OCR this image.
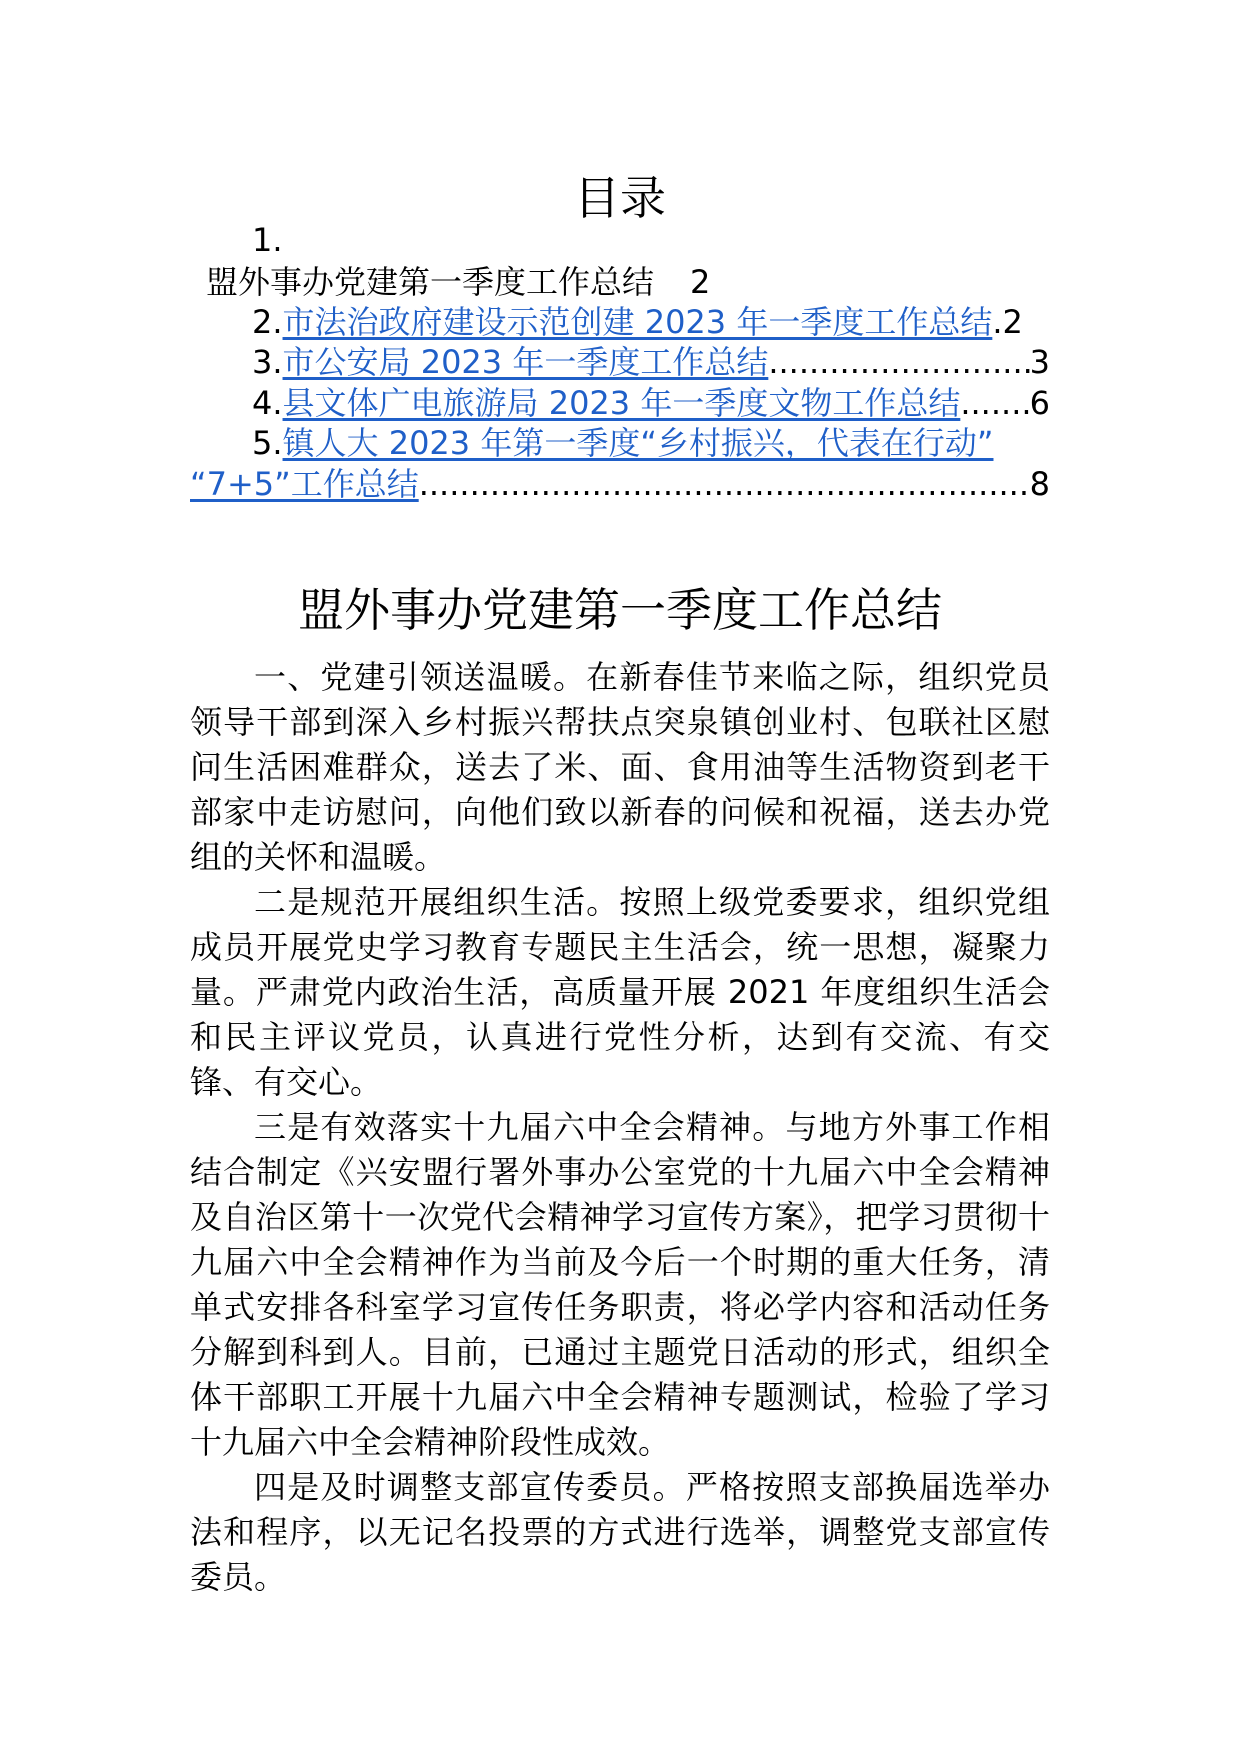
目录
1.
盟外事办党建第一季度工作总结 2
2.市法治政府建设示范创建 2023 年一季度工作总结.2
3. 市公安局 2023 年一季度工作总结 .....	3
4. 县文体广电旅游局 2023 年一季度文物工作总结 ..... 6
5.镇人大 2023 年第一季度“乡村振兴，代表在行动”
“7+5”工作总结 .....	8
盟外事办党建第一季度工作总结

一、党建引领送温暖。在新春佳节来临之际，组织党员领导干部到深入乡村振兴帮扶点突泉镇创业村、包联社区慰问生活困难群众，送去了米、面、食用油等生活物资到老干部家中走访慰问，向他们致以新春的问候和祝福，送去办党组的关怀和温暖。

二是规范开展组织生活。按照上级党委要求，组织党组成员开展党史学习教育专题民主生活会，统一思想，凝聚力量。严肃党内政治生活，高质量开展 2021 年度组织生活会和民主评议党员，认真进行党性分析，达到有交流、有交锋、有交心。

三是有效落实十九届六中全会精神。与地方外事工作相结合制定《兴安盟行署外事办公室党的十九届六中全会精神及自治区第十一次党代会精神学习宣传方案》，把学习贯彻十九届六中全会精神作为当前及今后一个时期的重大任务，清单式安排各科室学习宣传任务职责，将必学内容和活动任务分解到科到人。目前，已通过主题党日活动的形式，组织全体干部职工开展十九届六中全会精神专题测试，检验了学习十九届六中全会精神阶段性成效。

四是及时调整支部宣传委员。严格按照支部换届选举办法和程序，以无记名投票的方式进行选举，调整党支部宣传委员。
